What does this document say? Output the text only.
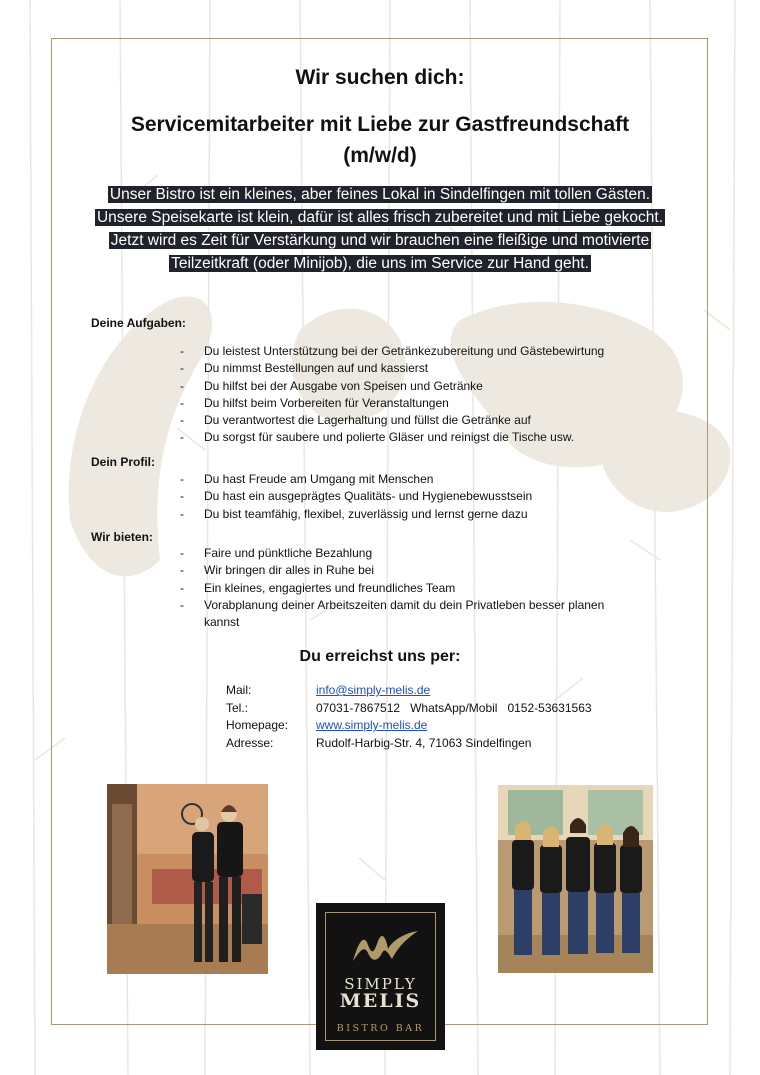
Wir suchen dich:
Servicemitarbeiter mit Liebe zur Gastfreundschaft
(m/w/d)
Unser Bistro ist ein kleines, aber feines Lokal in Sindelfingen mit tollen Gästen.
Unsere Speisekarte ist klein, dafür ist alles frisch zubereitet und mit Liebe gekocht.
Jetzt wird es Zeit für Verstärkung und wir brauchen eine fleißige und motivierte Teilzeitkraft (oder Minijob), die uns im Service zur Hand geht.
Deine Aufgaben:
- Du leistest Unterstützung bei der Getränkezubereitung und Gästebewirtung
- Du nimmst Bestellungen auf und kassierst
- Du hilfst bei der Ausgabe von Speisen und Getränke
- Du hilfst beim Vorbereiten für Veranstaltungen
- Du verantwortest die Lagerhaltung und füllst die Getränke auf
- Du sorgst für saubere und polierte Gläser und reinigst die Tische usw.
Dein Profil:
- Du hast Freude am Umgang mit Menschen
- Du hast ein ausgeprägtes Qualitäts- und Hygienebewusstsein
- Du bist teamfähig, flexibel, zuverlässig und lernst gerne dazu
Wir bieten:
- Faire und pünktliche Bezahlung
- Wir bringen dir alles in Ruhe bei
- Ein kleines, engagiertes und freundliches Team
- Vorabplanung deiner Arbeitszeiten damit du dein Privatleben besser planen kannst
Du erreichst uns per:
Mail:	info@simply-melis.de
Tel.:	07031-7867512   WhatsApp/Mobil   0152-53631563
Homepage:	www.simply-melis.de
Adresse:	Rudolf-Harbig-Str. 4, 71063 Sindelfingen
SIMPLY
MELIS
BISTRO BAR
